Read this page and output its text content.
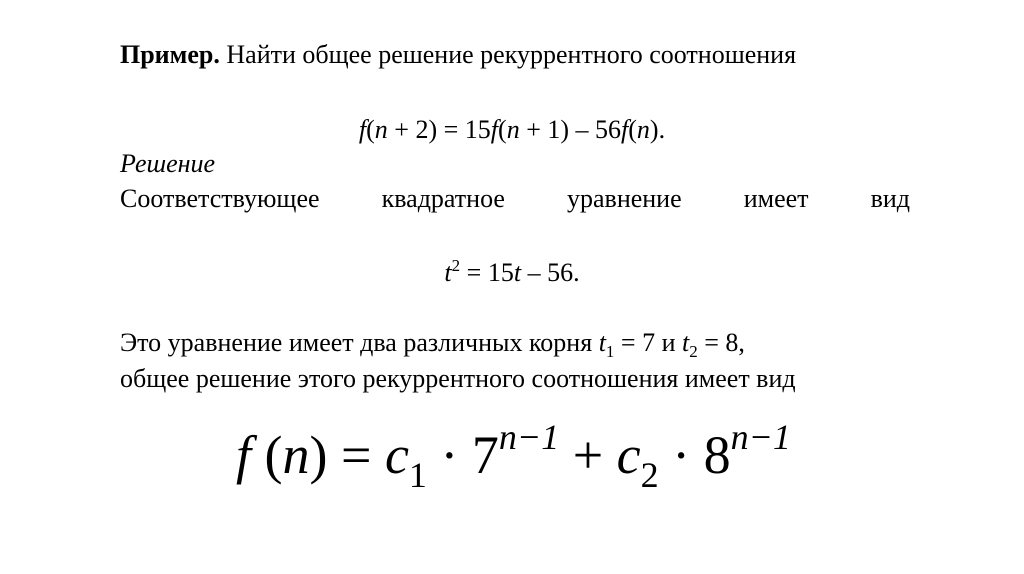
Пример. Найти общее решение рекуррентного соотношения
f(n + 2) = 15f(n + 1) – 56f(n).
Решение
Соответствующее квадратное уравнение имеет вид
$t^2 = 15t - 56$.
Это уравнение имеет два различных корня $t_1 = 7$ и $t_2 = 8$,
общее решение этого рекуррентного соотношения имеет вид
f $(n) = c_1 \cdot 7^{n-1} + c_2 \cdot 8^{n-1}$
